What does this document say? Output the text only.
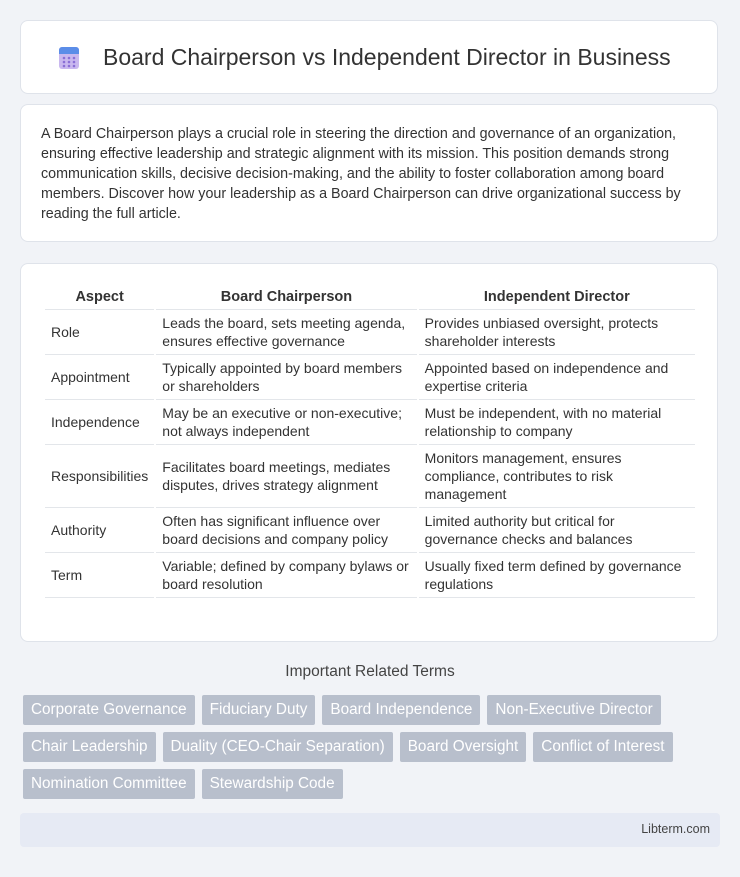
Board Chairperson vs Independent Director in Business

A Board Chairperson plays a crucial role in steering the direction and governance of an organization, ensuring effective leadership and strategic alignment with its mission. This position demands strong communication skills, decisive decision-making, and the ability to foster collaboration among board members. Discover how your leadership as a Board Chairperson can drive organizational success by reading the full article.

Aspect	Board Chairperson	Independent Director
Role	Leads the board, sets meeting agenda, ensures effective governance	Provides unbiased oversight, protects shareholder interests
Appointment	Typically appointed by board members or shareholders	Appointed based on independence and expertise criteria
Independence	May be an executive or non-executive; not always independent	Must be independent, with no material relationship to company
Responsibilities	Facilitates board meetings, mediates disputes, drives strategy alignment	Monitors management, ensures compliance, contributes to risk management
Authority	Often has significant influence over board decisions and company policy	Limited authority but critical for governance checks and balances
Term	Variable; defined by company bylaws or board resolution	Usually fixed term defined by governance regulations
Important Related Terms
Corporate Governance	Fiduciary Duty	Board Independence	Non-Executive Director
Chair Leadership	Duality (CEO-Chair Separation)	Board Oversight	Conflict of Interest
Nomination Committee	Stewardship Code
Libterm.com
